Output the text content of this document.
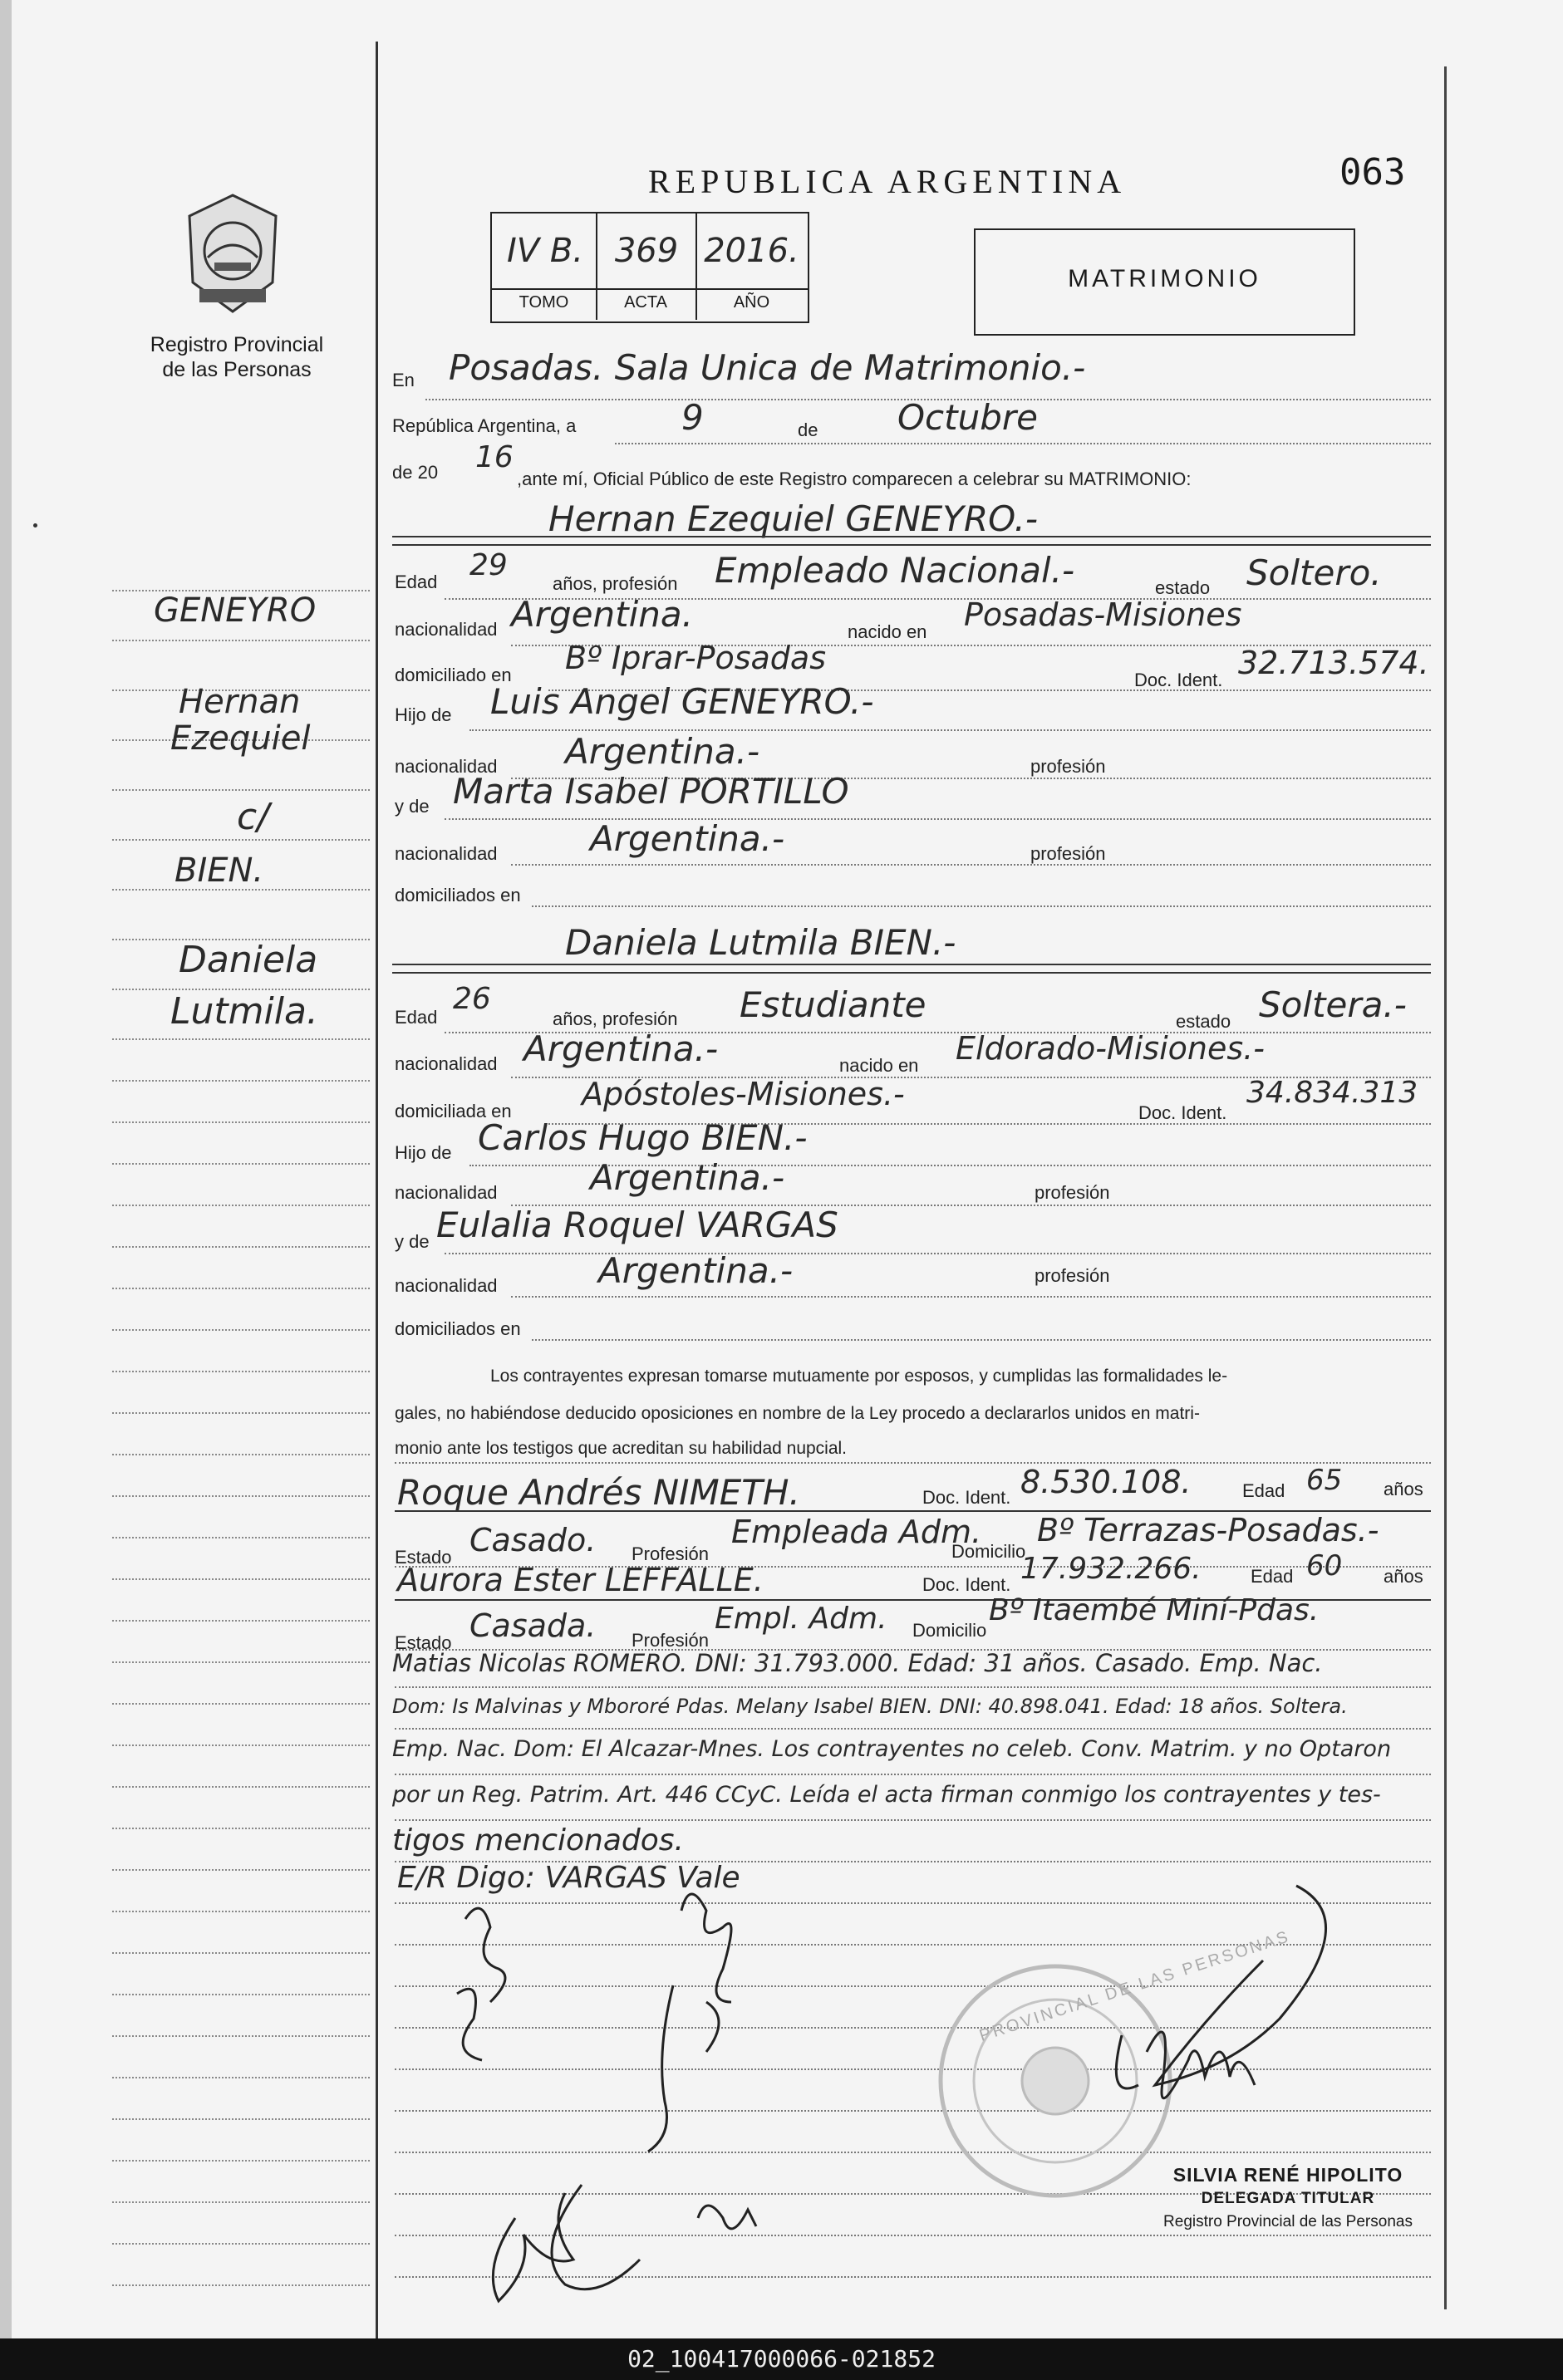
Registro Provincial
de las Personas
REPUBLICA ARGENTINA	063
IV B. 369 2016.
TOMO	ACTA	AÑO
MATRIMONIO
En Posadas. Sala Unica de Matrimonio.-
República Argentina, a	9	de Octubre
de 20 16
,ante mí, Oficial Público de este Registro comparecen a celebrar su MATRIMONIO:
Hernan Ezequiel GENEYRO.-
Edad 29
años, profesión Empleado Nacional.-	estado Soltero.
nacionalidad Argentina.	nacido en Posadas-Misiones
domiciliado en Bº Iprar-Posadas
Doc. Ident. 32.713.574.
Hijo de Luis Angel GENEYRO.-
nacionalidad Argentina.-	profesión
y de Marta Isabel PORTILLO
nacionalidad	Argentina.-	profesión
domiciliados en
Daniela Lutmila BIEN.-
Edad
26
años, profesión Estudiante	estado Soltera.-
nacionalidad Argentina.-	nacido en Eldorado-Misiones.-
domiciliada en Apóstoles-Misiones.-
Doc. Ident.
34.834.313
Hijo de Carlos Hugo BIEN.-
nacionalidad	Argentina.-	profesión
y de Eulalia Roquel VARGAS
nacionalidad	Argentina.-	profesión
domiciliados en
Los contrayentes expresan tomarse mutuamente por esposos, y cumplidas las formalidades le-
gales, no habiéndose deducido oposiciones en nombre de la Ley procedo a declararlos unidos en matri-
monio ante los testigos que acreditan su habilidad nupcial.
Roque Andrés NIMETH.	Doc. Ident. 8.530.108.	Edad 65 años
Estado Casado. Profesión
Empleada Adm.
Domicilio
Bº Terrazas-Posadas.-
Aurora Ester LEFFALLE.	Doc. Ident. 17.932.266.	Edad 60 años
Estado Casada. Profesión
Empl. Adm. Domicilio
Bº Itaembé Miní-Pdas.
Matias Nicolas ROMERO. DNI: 31.793.000. Edad: 31 años. Casado. Emp. Nac.
Dom: Is Malvinas y Mbororé Pdas. Melany Isabel BIEN. DNI: 40.898.041. Edad: 18 años. Soltera.
Emp. Nac. Dom: El Alcazar-Mnes. Los contrayentes no celeb. Conv. Matrim. y no Optaron
por un Reg. Patrim. Art. 446 CCyC. Leída el acta firman conmigo los contrayentes y tes-
tigos mencionados.
E/R Digo: VARGAS Vale
PROVINCIAL DE LAS PERSONAS
SILVIA RENÉ HIPOLITO
DELEGADA TITULAR
Registro Provincial de las Personas
GENEYRO
Hernan
Ezequiel
c/
BIEN.
Daniela
Lutmila.
02_100417000066-021852
